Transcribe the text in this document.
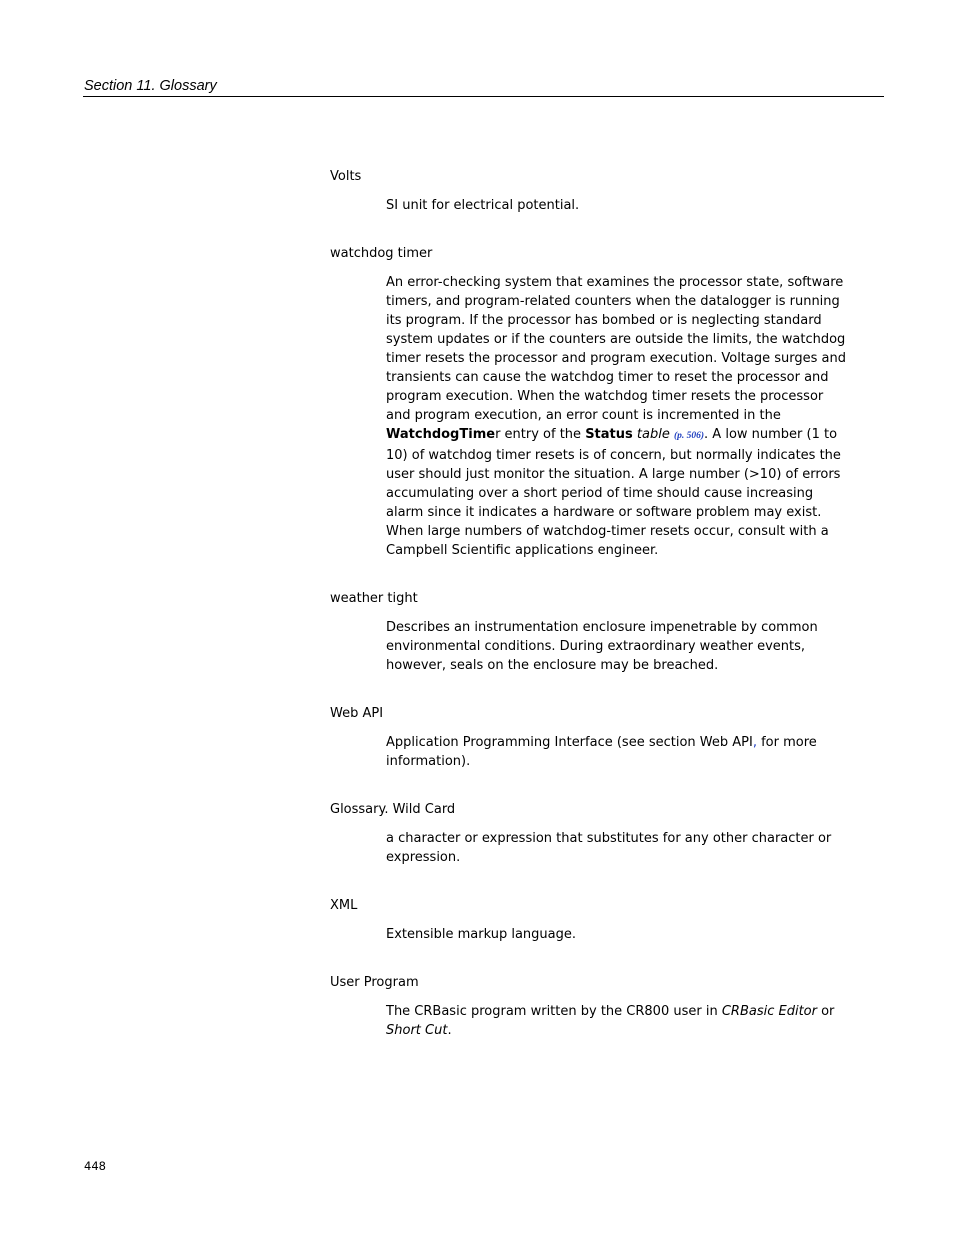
Section 11. Glossary

Volts

SI unit for electrical potential.

watchdog timer

An error-checking system that examines the processor state, software timers, and program-related counters when the datalogger is running its program. If the processor has bombed or is neglecting standard system updates or if the counters are outside the limits, the watchdog timer resets the processor and program execution. Voltage surges and transients can cause the watchdog timer to reset the processor and program execution. When the watchdog timer resets the processor and program execution, an error count is incremented in the WatchdogTimer entry of the Status table (p. 506). A low number (1 to 10) of watchdog timer resets is of concern, but normally indicates the user should just monitor the situation. A large number (>10) of errors accumulating over a short period of time should cause increasing alarm since it indicates a hardware or software problem may exist. When large numbers of watchdog-timer resets occur, consult with a Campbell Scientific applications engineer.

weather tight

Describes an instrumentation enclosure impenetrable by common environmental conditions. During extraordinary weather events, however, seals on the enclosure may be breached.

Web API

Application Programming Interface (see section Web API, for more information).

Glossary. Wild Card

a character or expression that substitutes for any other character or expression.

XML

Extensible markup language.

User Program

The CRBasic program written by the CR800 user in CRBasic Editor or Short Cut.

448
